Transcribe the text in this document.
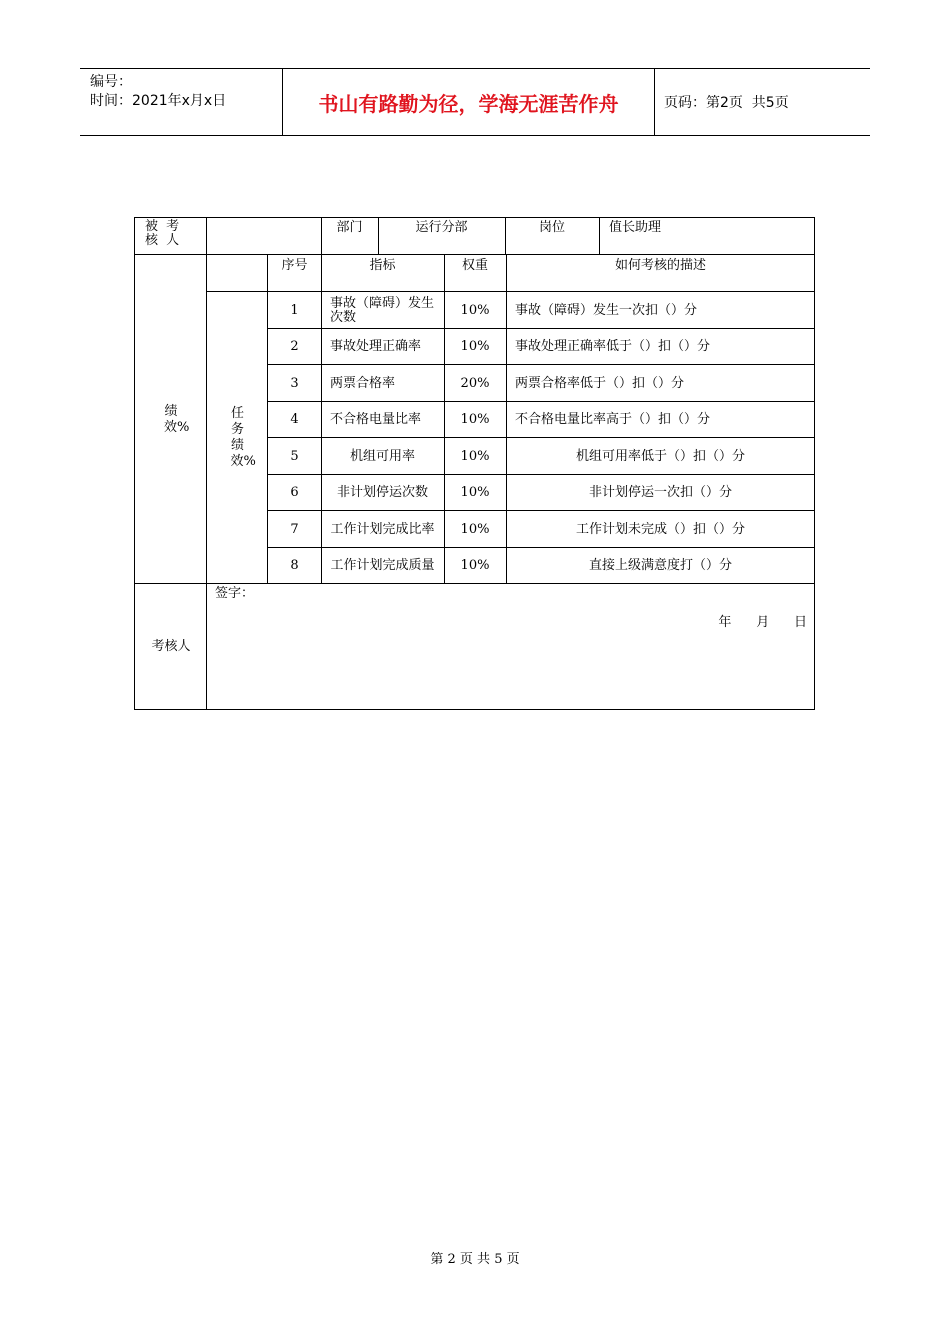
编号：
时间：2021年x月x日	书山有路勤为径，学海无涯苦作舟	页码：第2页  共5页
被 考 核 人
部门	运行分部	岗位	值长助理
绩效%
任务绩效%
序号	指标	权重	如何考核的描述
1	事故（障碍）发生次数	10%	事故（障碍）发生一次扣（）分
2	事故处理正确率	10%	事故处理正确率低于（）扣（）分
3	两票合格率	20%	两票合格率低于（）扣（）分
4	不合格电量比率	10%	不合格电量比率高于（）扣（）分
5	机组可用率	10%	机组可用率低于（）扣（）分
6	非计划停运次数	10%	非计划停运一次扣（）分
7	工作计划完成比率	10%	工作计划未完成（）扣（）分
8	工作计划完成质量	10%	直接上级满意度打（）分
考核人
签字：

年      月      日

第 2 页 共 5 页
